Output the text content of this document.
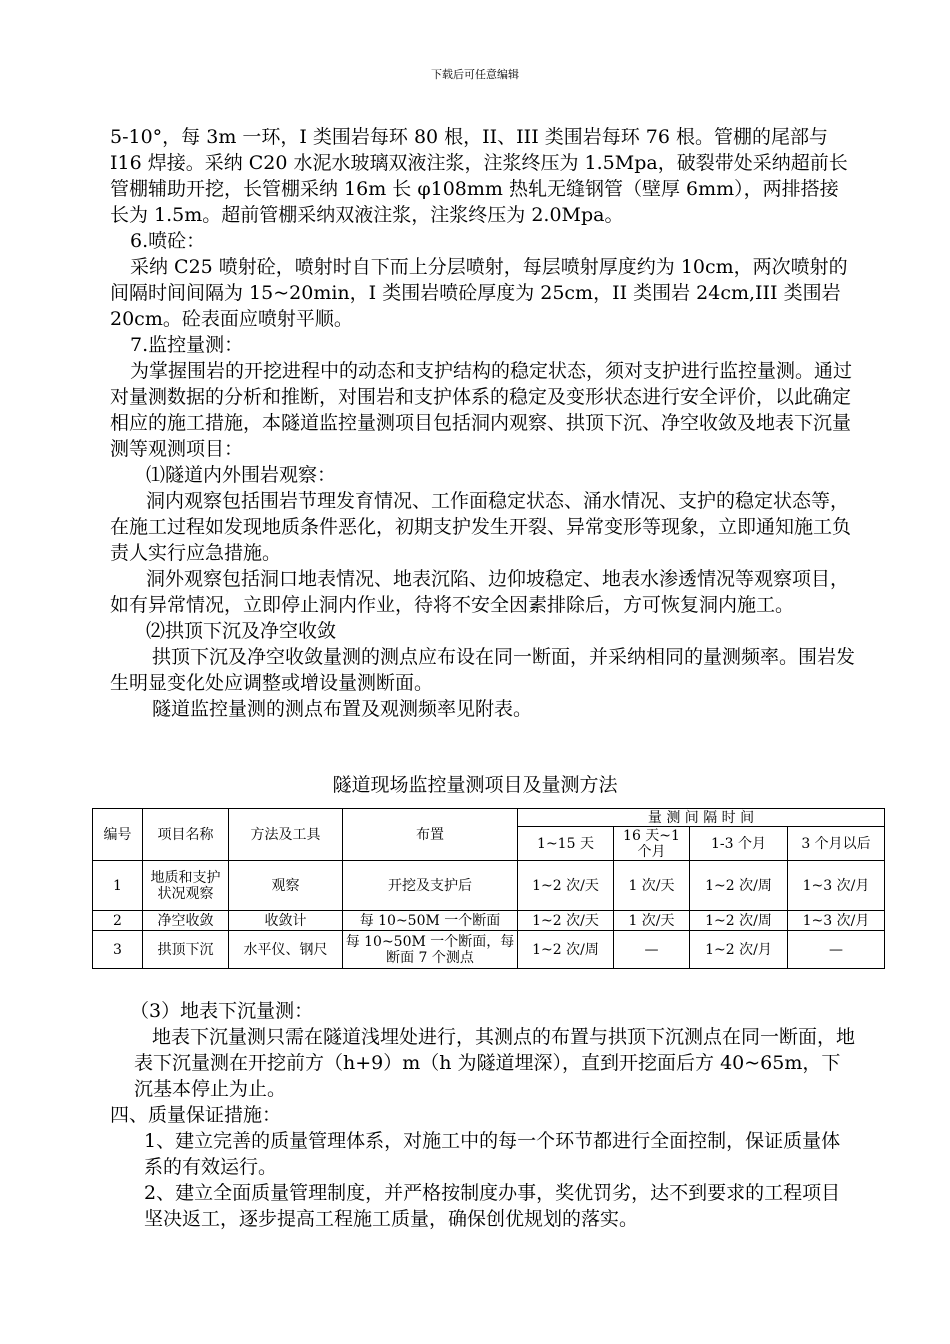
下载后可任意编辑

5-10°，每 3m 一环，I 类围岩每环 80 根，II、III 类围岩每环 76 根。管棚的尾部与 I16 焊接。采纳 C20 水泥水玻璃双液注浆，注浆终压为 1.5Mpa，破裂带处采纳超前长管棚辅助开挖，长管棚采纳 16m 长 φ108mm 热轧无缝钢管（壁厚 6mm），两排搭接长为 1.5m。超前管棚采纳双液注浆，注浆终压为 2.0Mpa。

6.喷砼：

采纳 C25 喷射砼，喷射时自下而上分层喷射，每层喷射厚度约为 10cm，两次喷射的间隔时间间隔为 15~20min，I 类围岩喷砼厚度为 25cm，II 类围岩 24cm,III 类围岩 20cm。砼表面应喷射平顺。

7.监控量测：

为掌握围岩的开挖进程中的动态和支护结构的稳定状态，须对支护进行监控量测。通过对量测数据的分析和推断，对围岩和支护体系的稳定及变形状态进行安全评价，以此确定相应的施工措施，本隧道监控量测项目包括洞内观察、拱顶下沉、净空收敛及地表下沉量测等观测项目：

⑴隧道内外围岩观察：

洞内观察包括围岩节理发育情况、工作面稳定状态、涌水情况、支护的稳定状态等，在施工过程如发现地质条件恶化，初期支护发生开裂、异常变形等现象，立即通知施工负责人实行应急措施。

洞外观察包括洞口地表情况、地表沉陷、边仰坡稳定、地表水渗透情况等观察项目，如有异常情况，立即停止洞内作业，待将不安全因素排除后，方可恢复洞内施工。

⑵拱顶下沉及净空收敛

拱顶下沉及净空收敛量测的测点应布设在同一断面，并采纳相同的量测频率。围岩发生明显变化处应调整或增设量测断面。

隧道监控量测的测点布置及观测频率见附表。

隧道现场监控量测项目及量测方法
编号	项目名称	方法及工具	布置	量 测 间 隔 时 间			
				1~15 天	16 天~1 个月	1-3 个月	3 个月以后
1	地质和支护状况观察	观察	开挖及支护后	1~2 次/天	1 次/天	1~2 次/周	1~3 次/月
2	净空收敛	收敛计	每 10~50M 一个断面	1~2 次/天	1 次/天	1~2 次/周	1~3 次/月
3	拱顶下沉	水平仪、钢尺	每 10~50M 一个断面，每断面 7 个测点	1~2 次/周	—	1~2 次/月	—

（3）地表下沉量测：

地表下沉量测只需在隧道浅埋处进行，其测点的布置与拱顶下沉测点在同一断面，地表下沉量测在开挖前方（h+9）m（h 为隧道埋深），直到开挖面后方 40~65m，下沉基本停止为止。

四、质量保证措施：

1、建立完善的质量管理体系，对施工中的每一个环节都进行全面控制，保证质量体系的有效运行。

2、建立全面质量管理制度，并严格按制度办事，奖优罚劣，达不到要求的工程项目坚决返工，逐步提高工程施工质量，确保创优规划的落实。
